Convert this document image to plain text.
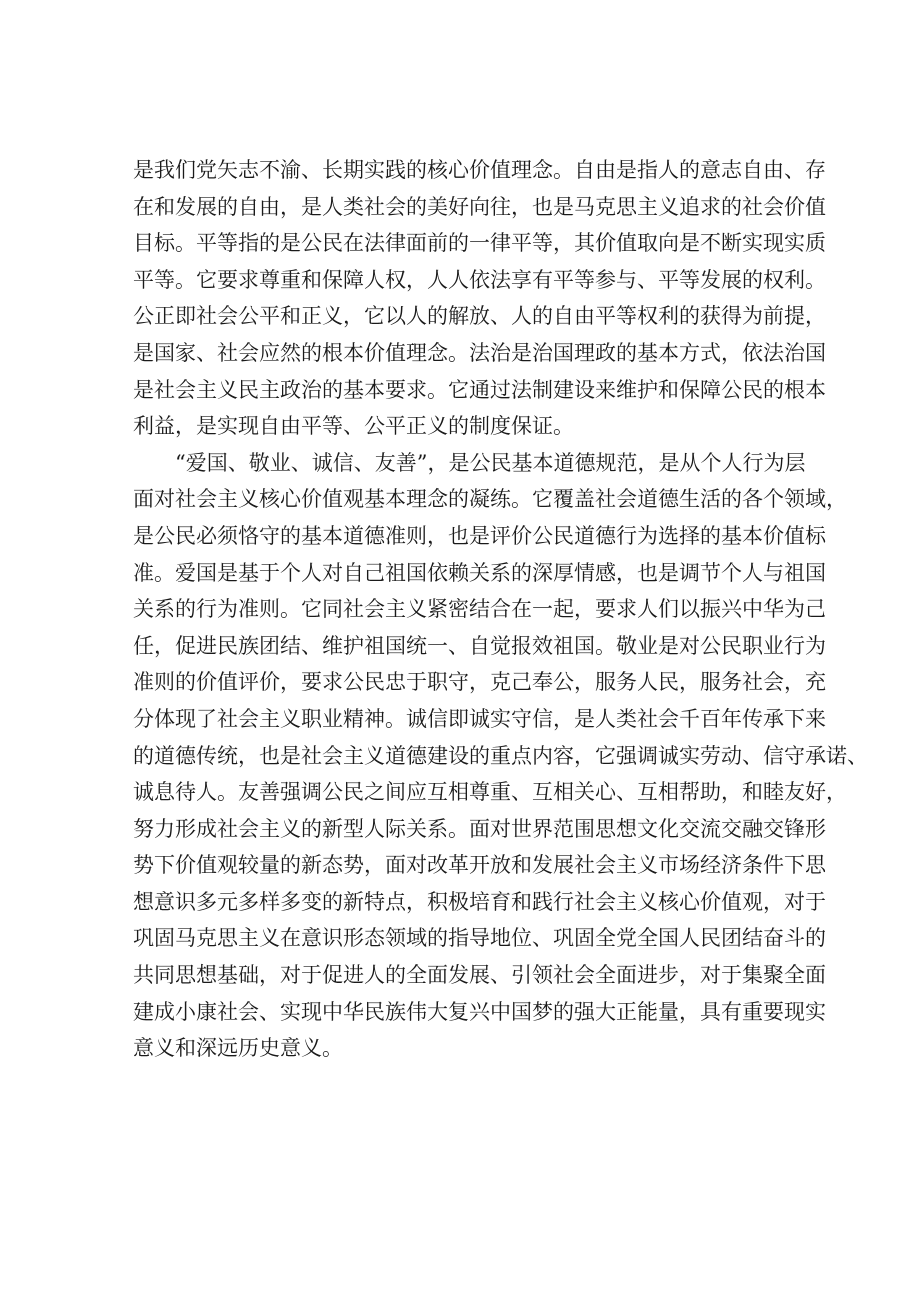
是我们党矢志不渝、长期实践的核心价值理念。自由是指人的意志自由、存
在和发展的自由，是人类社会的美好向往，也是马克思主义追求的社会价值
目标。平等指的是公民在法律面前的一律平等，其价值取向是不断实现实质
平等。它要求尊重和保障人权，人人依法享有平等参与、平等发展的权利。
公正即社会公平和正义，它以人的解放、人的自由平等权利的获得为前提，
是国家、社会应然的根本价值理念。法治是治国理政的基本方式，依法治国
是社会主义民主政治的基本要求。它通过法制建设来维护和保障公民的根本
利益，是实现自由平等、公平正义的制度保证。
“爱国、敬业、诚信、友善”，是公民基本道德规范，是从个人行为层
面对社会主义核心价值观基本理念的凝练。它覆盖社会道德生活的各个领域，
是公民必须恪守的基本道德准则，也是评价公民道德行为选择的基本价值标
准。爱国是基于个人对自己祖国依赖关系的深厚情感，也是调节个人与祖国
关系的行为准则。它同社会主义紧密结合在一起，要求人们以振兴中华为己
任，促进民族团结、维护祖国统一、自觉报效祖国。敬业是对公民职业行为
准则的价值评价，要求公民忠于职守，克己奉公，服务人民，服务社会，充
分体现了社会主义职业精神。诚信即诚实守信，是人类社会千百年传承下来
的道德传统，也是社会主义道德建设的重点内容，它强调诚实劳动、信守承诺、
诚息待人。友善强调公民之间应互相尊重、互相关心、互相帮助，和睦友好，
努力形成社会主义的新型人际关系。面对世界范围思想文化交流交融交锋形
势下价值观较量的新态势，面对改革开放和发展社会主义市场经济条件下思
想意识多元多样多变的新特点，积极培育和践行社会主义核心价值观，对于
巩固马克思主义在意识形态领域的指导地位、巩固全党全国人民团结奋斗的
共同思想基础，对于促进人的全面发展、引领社会全面进步，对于集聚全面
建成小康社会、实现中华民族伟大复兴中国梦的强大正能量，具有重要现实
意义和深远历史意义。
